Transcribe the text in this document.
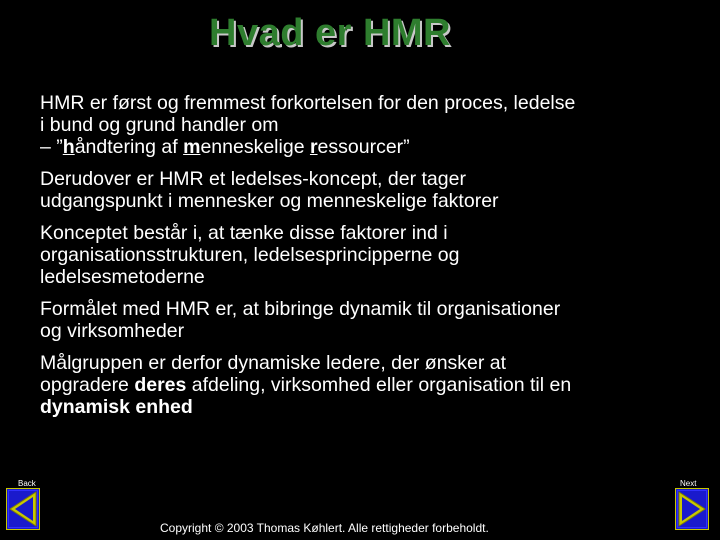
Hvad er HMR
HMR er først og fremmest forkortelsen for den proces, ledelse
i bund og grund handler om
– ”håndtering af menneskelige ressourcer”
Derudover er HMR et ledelses-koncept, der tager
udgangspunkt i mennesker og menneskelige faktorer
Konceptet består i, at tænke disse faktorer ind i
organisationsstrukturen, ledelsesprincipperne og
ledelsesmetoderne
Formålet med HMR er, at bibringe dynamik til organisationer
og virksomheder
Målgruppen er derfor dynamiske ledere, der ønsker at
opgradere deres afdeling, virksomhed eller organisation til en
dynamisk enhed
Back	Next
Copyright © 2003 Thomas Køhlert. Alle rettigheder forbeholdt.
